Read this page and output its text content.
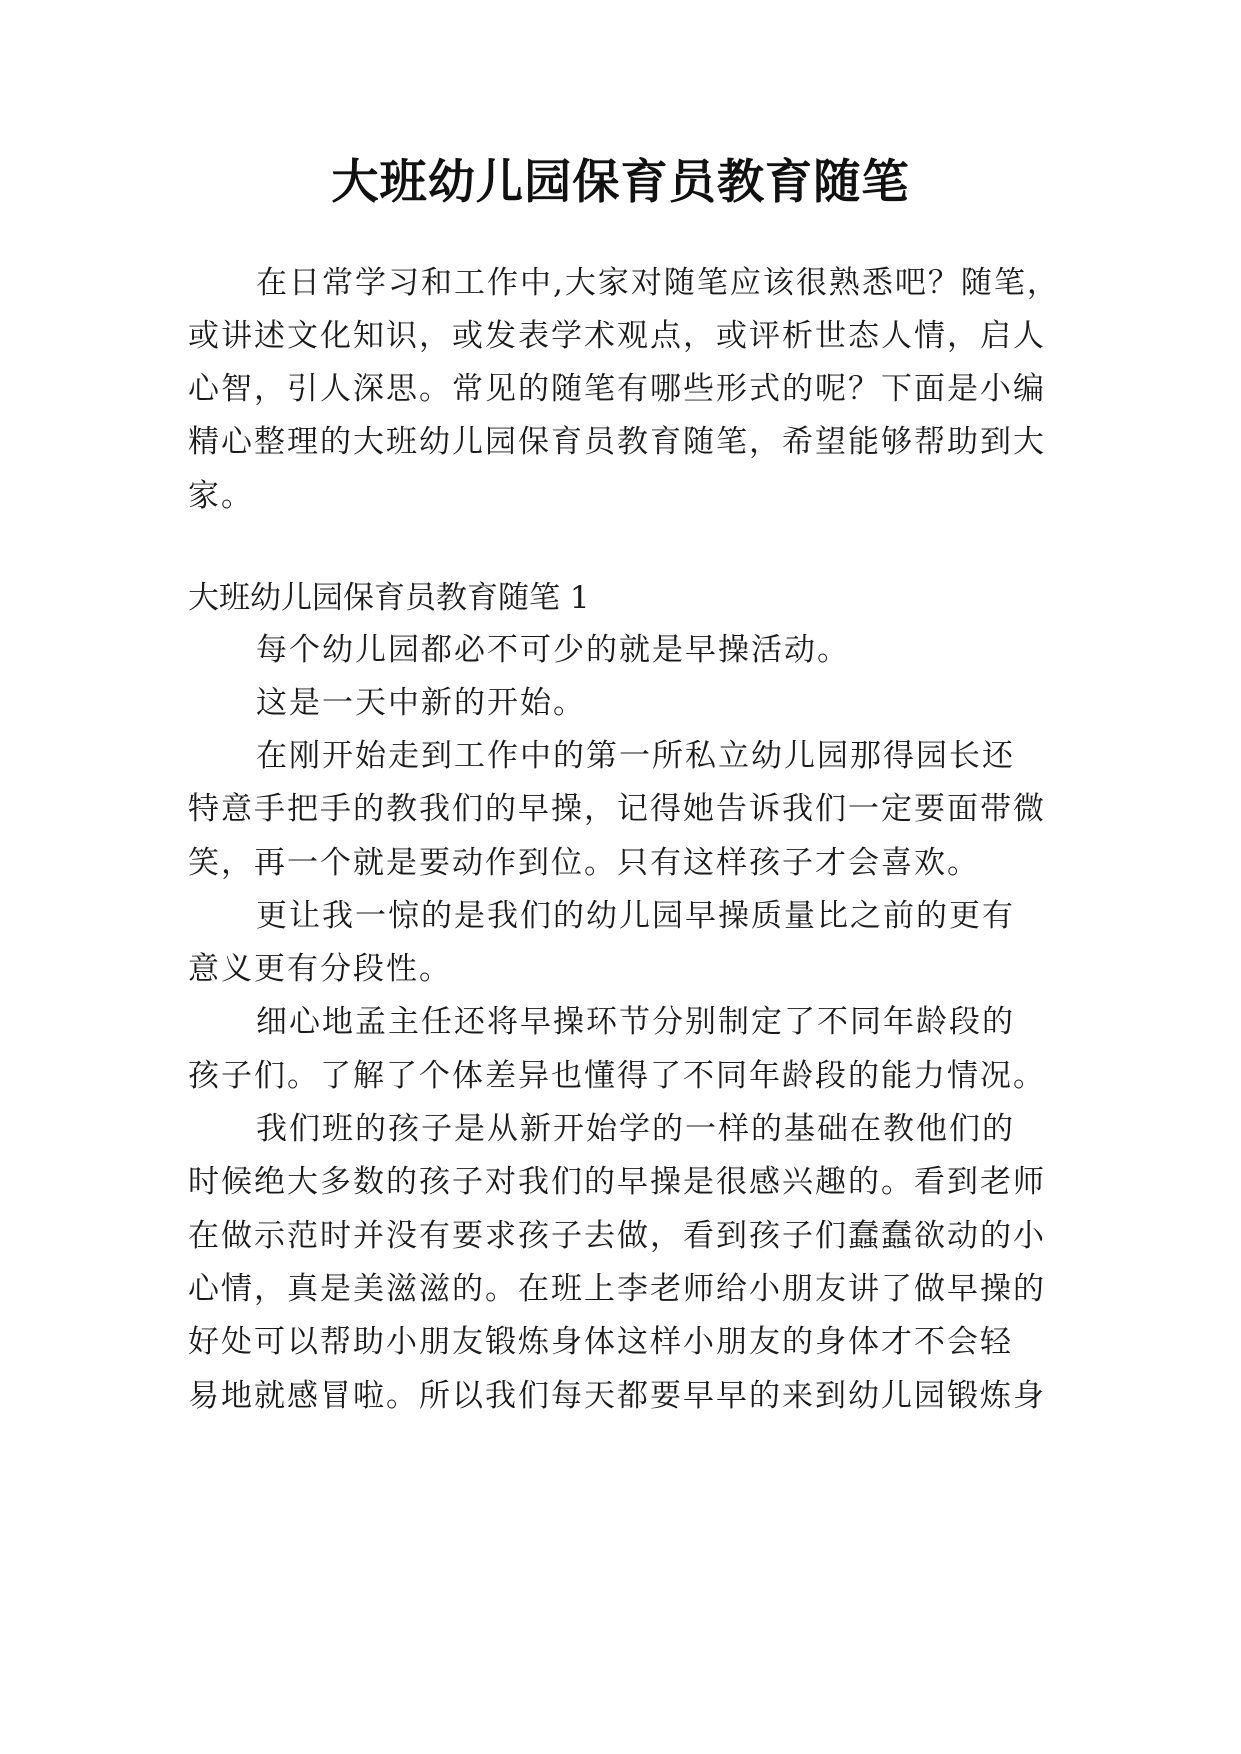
大班幼儿园保育员教育随笔
在日常学习和工作中,大家对随笔应该很熟悉吧？随笔，
或讲述文化知识，或发表学术观点，或评析世态人情，启人
心智，引人深思。常见的随笔有哪些形式的呢？下面是小编
精心整理的大班幼儿园保育员教育随笔，希望能够帮助到大
家。
大班幼儿园保育员教育随笔 1
每个幼儿园都必不可少的就是早操活动。
这是一天中新的开始。
在刚开始走到工作中的第一所私立幼儿园那得园长还
特意手把手的教我们的早操，记得她告诉我们一定要面带微
笑，再一个就是要动作到位。只有这样孩子才会喜欢。
更让我一惊的是我们的幼儿园早操质量比之前的更有
意义更有分段性。
细心地孟主任还将早操环节分别制定了不同年龄段的
孩子们。了解了个体差异也懂得了不同年龄段的能力情况。
我们班的孩子是从新开始学的一样的基础在教他们的
时候绝大多数的孩子对我们的早操是很感兴趣的。看到老师
在做示范时并没有要求孩子去做，看到孩子们蠢蠢欲动的小
心情，真是美滋滋的。在班上李老师给小朋友讲了做早操的
好处可以帮助小朋友锻炼身体这样小朋友的身体才不会轻
易地就感冒啦。所以我们每天都要早早的来到幼儿园锻炼身
